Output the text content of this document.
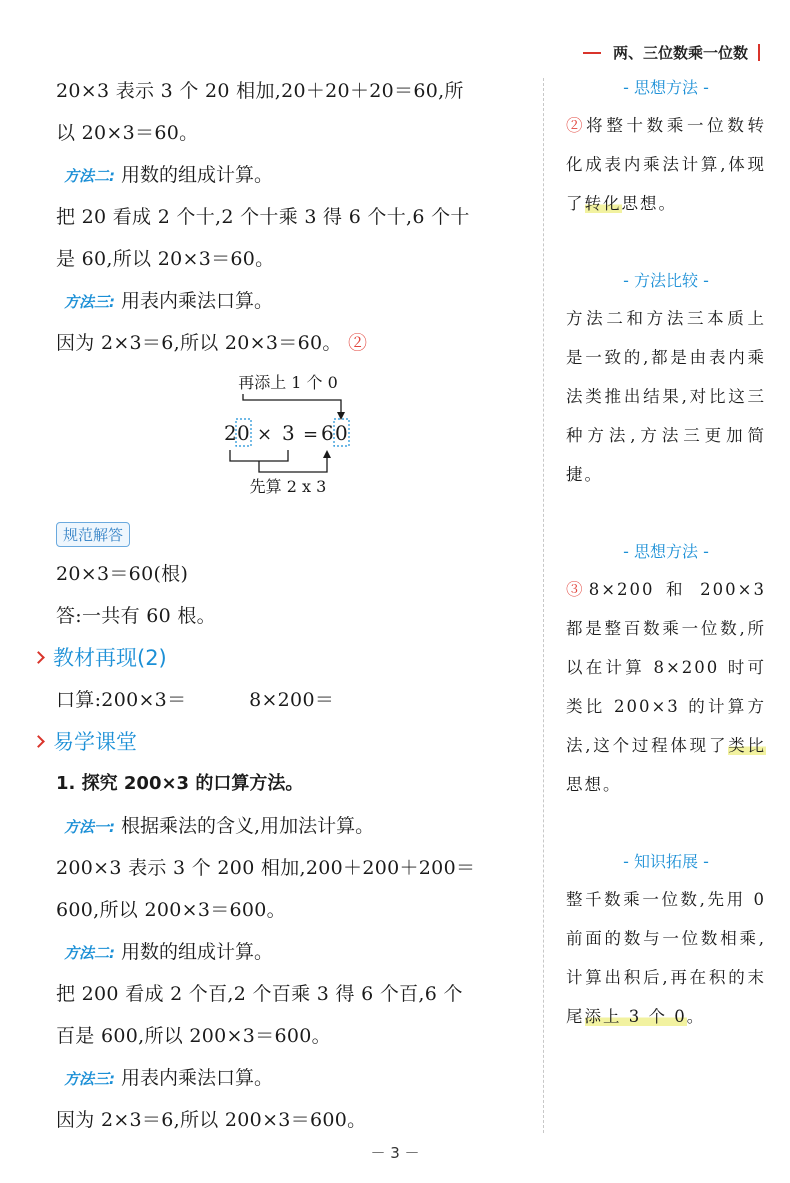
两、三位数乘一位数
20×3 表示 3 个 20 相加,20＋20＋20＝60,所
以 20×3＝60。
方法二: 用数的组成计算。
把 20 看成 2 个十,2 个十乘 3 得 6 个十,6 个十
是 60,所以 20×3＝60。
方法三: 用表内乘法口算。
因为 2×3＝6,所以 20×3＝60。 ②
再添上 1 个 0
2 0 × 3 = 6 0
先算 2 x 3
规范解答
20×3＝60(根)
答:一共有 60 根。
教材再现(2)
口算:200×3＝	8×200＝
易学课堂
1. 探究 200×3 的口算方法。
方法一: 根据乘法的含义,用加法计算。
200×3 表示 3 个 200 相加,200＋200＋200＝
600,所以 200×3＝600。
方法二: 用数的组成计算。
把 200 看成 2 个百,2 个百乘 3 得 6 个百,6 个
百是 600,所以 200×3＝600。
方法三: 用表内乘法口算。
因为 2×3＝6,所以 200×3＝600。
- 思想方法 -
②将整十数乘一位数转化成表内乘法计算,体现了转化思想。
- 方法比较 -
方法二和方法三本质上是一致的,都是由表内乘法类推出结果,对比这三种方法,方法三更加简捷。
- 思想方法 -
③8×200 和 200×3 都是整百数乘一位数,所以在计算 8×200 时可类比 200×3 的计算方法,这个过程体现了类比思想。
- 知识拓展 -
整千数乘一位数,先用 0 前面的数与一位数相乘,计算出积后,再在积的末尾添上 3 个 0。
－ 3 －
